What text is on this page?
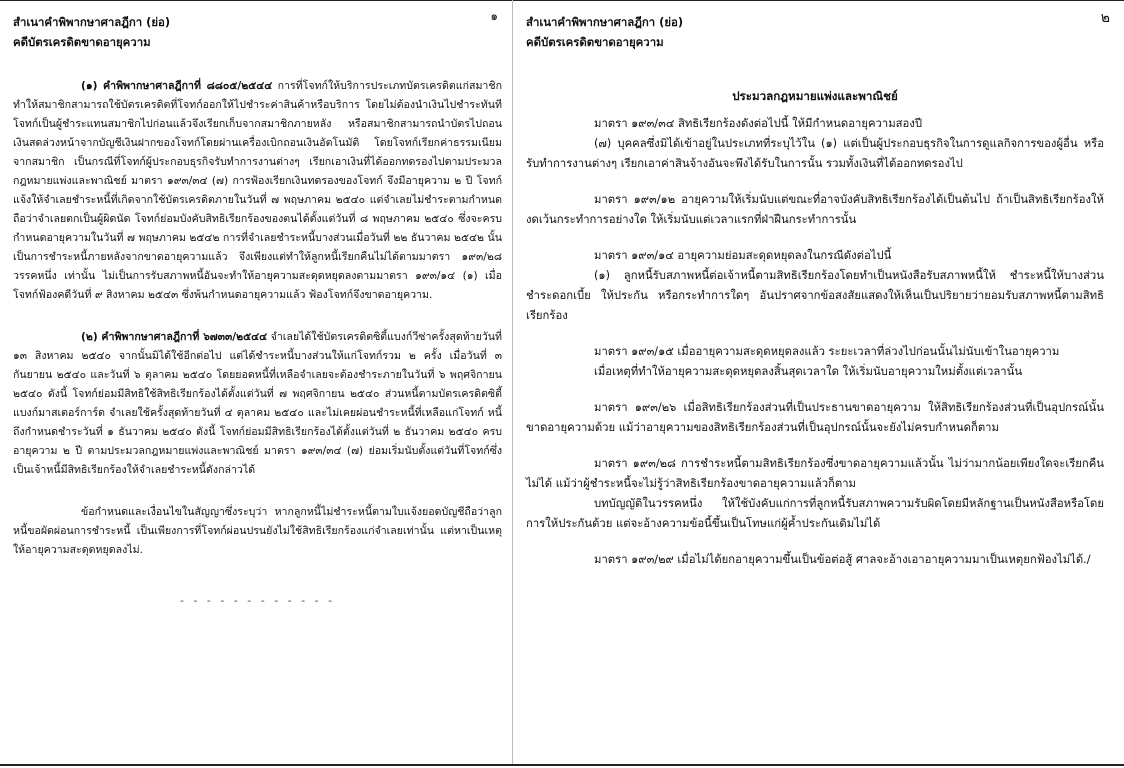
๑

สำเนาคำพิพากษาศาลฎีกา (ย่อ)

คดีบัตรเครดิตขาดอายุความ

(๑) คำพิพากษาศาลฎีกาที่ ๘๘๐๕/๒๕๔๔ การที่โจทก์ให้บริการประเภทบัตรเครดิตแก่สมาชิก ทำให้สมาชิกสามารถใช้บัตรเครดิตที่โจทก์ออกให้ไปชำระค่าสินค้าหรือบริการ โดยไม่ต้องนำเงินไปชำระทันที โจทก์เป็นผู้ชำระแทนสมาชิกไปก่อนแล้วจึงเรียกเก็บจากสมาชิกภายหลัง หรือสมาชิกสามารถนำบัตรไปถอนเงินสดล่วงหน้าจากบัญชีเงินฝากของโจทก์โดยผ่านเครื่องเบิกถอนเงินอัตโนมัติ โดยโจทก์เรียกค่าธรรมเนียมจากสมาชิก เป็นกรณีที่โจทก์ผู้ประกอบธุรกิจรับทำการงานต่างๆ เรียกเอาเงินที่ได้ออกทดรองไปตามประมวลกฎหมายแพ่งและพาณิชย์ มาตรา ๑๙๓/๓๔ (๗) การฟ้องเรียกเงินทดรองของโจทก์ จึงมีอายุความ ๒ ปี โจทก์แจ้งให้จำเลยชำระหนี้ที่เกิดจากใช้บัตรเครดิตภายในวันที่ ๗ พฤษภาคม ๒๕๔๐ แต่จำเลยไม่ชำระตามกำหนด ถือว่าจำเลยตกเป็นผู้ผิดนัด โจทก์ย่อมบังคับสิทธิเรียกร้องของตนได้ตั้งแต่วันที่ ๘ พฤษภาคม ๒๕๔๐ ซึ่งจะครบกำหนดอายุความในวันที่ ๗ พฤษภาคม ๒๕๔๒ การที่จำเลยชำระหนี้บางส่วนเมื่อวันที่ ๒๒ ธันวาคม ๒๕๔๒ นั้น เป็นการชำระหนี้ภายหลังจากขาดอายุความแล้ว จึงเพียงแต่ทำให้ลูกหนี้เรียกคืนไม่ได้ตามมาตรา ๑๙๓/๒๘ วรรคหนึ่ง เท่านั้น ไม่เป็นการรับสภาพหนี้อันจะทำให้อายุความสะดุดหยุดลงตามมาตรา ๑๙๓/๑๔ (๑) เมื่อโจทก์ฟ้องคดีวันที่ ๙ สิงหาคม ๒๕๔๓ ซึ่งพ้นกำหนดอายุความแล้ว ฟ้องโจทก์จึงขาดอายุความ.

(๒) คำพิพากษาศาลฎีกาที่ ๖๗๓๓/๒๕๔๔ จำเลยได้ใช้บัตรเครดิตซิตี้แบงก์วีซ่าครั้งสุดท้ายวันที่ ๑๓ สิงหาคม ๒๕๔๐ จากนั้นมิได้ใช้อีกต่อไป แต่ได้ชำระหนี้บางส่วนให้แก่โจทก์รวม ๒ ครั้ง เมื่อวันที่ ๓ กันยายน ๒๕๔๐ และวันที่ ๖ ตุลาคม ๒๕๔๐ โดยยอดหนี้ที่เหลือจำเลยจะต้องชำระภายในวันที่ ๖ พฤศจิกายน ๒๕๔๐ ดังนี้ โจทก์ย่อมมีสิทธิใช้สิทธิเรียกร้องได้ตั้งแต่วันที่ ๗ พฤศจิกายน ๒๕๔๐ ส่วนหนี้ตามบัตรเครดิตซิตี้แบงก์มาสเตอร์การ์ด จำเลยใช้ครั้งสุดท้ายวันที่ ๔ ตุลาคม ๒๕๔๐ และไม่เคยผ่อนชำระหนี้ที่เหลือแก่โจทก์ หนี้ถึงกำหนดชำระวันที่ ๑ ธันวาคม ๒๕๔๐ ดังนี้ โจทก์ย่อมมีสิทธิเรียกร้องได้ตั้งแต่วันที่ ๒ ธันวาคม ๒๕๔๐ ครบอายุความ ๒ ปี ตามประมวลกฎหมายแพ่งและพาณิชย์ มาตรา ๑๙๓/๓๔ (๗) ย่อมเริ่มนับตั้งแต่วันที่โจทก์ซึ่งเป็นเจ้าหนี้มีสิทธิเรียกร้องให้จำเลยชำระหนี้ดังกล่าวได้

ข้อกำหนดและเงื่อนไขในสัญญาซึ่งระบุว่า หากลูกหนี้ไม่ชำระหนี้ตามใบแจ้งยอดบัญชีถือว่าลูกหนี้ขอผัดผ่อนการชำระหนี้ เป็นเพียงการที่โจทก์ผ่อนปรนยังไม่ใช้สิทธิเรียกร้องแก่จำเลยเท่านั้น แต่หาเป็นเหตุให้อายุความสะดุดหยุดลงไม่.

- - - - - - - - - - - -

๒

สำเนาคำพิพากษาศาลฎีกา (ย่อ)

คดีบัตรเครดิตขาดอายุความ

ประมวลกฎหมายแพ่งและพาณิชย์

มาตรา ๑๙๓/๓๔ สิทธิเรียกร้องดังต่อไปนี้ ให้มีกำหนดอายุความสองปี

(๗) บุคคลซึ่งมิได้เข้าอยู่ในประเภทที่ระบุไว้ใน (๑) แต่เป็นผู้ประกอบธุรกิจในการดูแลกิจการของผู้อื่น หรือรับทำการงานต่างๆ เรียกเอาค่าสินจ้างอันจะพึงได้รับในการนั้น รวมทั้งเงินที่ได้ออกทดรองไป

มาตรา ๑๙๓/๑๒ อายุความให้เริ่มนับแต่ขณะที่อาจบังคับสิทธิเรียกร้องได้เป็นต้นไป ถ้าเป็นสิทธิเรียกร้องให้งดเว้นกระทำการอย่างใด ให้เริ่มนับแต่เวลาแรกที่ฝ่าฝืนกระทำการนั้น

มาตรา ๑๙๓/๑๔ อายุความย่อมสะดุดหยุดลงในกรณีดังต่อไปนี้

(๑) ลูกหนี้รับสภาพหนี้ต่อเจ้าหนี้ตามสิทธิเรียกร้องโดยทำเป็นหนังสือรับสภาพหนี้ให้ ชำระหนี้ให้บางส่วน ชำระดอกเบี้ย ให้ประกัน หรือกระทำการใดๆ อันปราศจากข้อสงสัยแสดงให้เห็นเป็นปริยายว่ายอมรับสภาพหนี้ตามสิทธิเรียกร้อง

มาตรา ๑๙๓/๑๕ เมื่ออายุความสะดุดหยุดลงแล้ว ระยะเวลาที่ล่วงไปก่อนนั้นไม่นับเข้าในอายุความ

เมื่อเหตุที่ทำให้อายุความสะดุดหยุดลงสิ้นสุดเวลาใด ให้เริ่มนับอายุความใหม่ตั้งแต่เวลานั้น

มาตรา ๑๙๓/๒๖ เมื่อสิทธิเรียกร้องส่วนที่เป็นประธานขาดอายุความ ให้สิทธิเรียกร้องส่วนที่เป็นอุปกรณ์นั้นขาดอายุความด้วย แม้ว่าอายุความของสิทธิเรียกร้องส่วนที่เป็นอุปกรณ์นั้นจะยังไม่ครบกำหนดก็ตาม

มาตรา ๑๙๓/๒๘ การชำระหนี้ตามสิทธิเรียกร้องซึ่งขาดอายุความแล้วนั้น ไม่ว่ามากน้อยเพียงใดจะเรียกคืนไม่ได้ แม้ว่าผู้ชำระหนี้จะไม่รู้ว่าสิทธิเรียกร้องขาดอายุความแล้วก็ตาม

บทบัญญัติในวรรคหนึ่ง ให้ใช้บังคับแก่การที่ลูกหนี้รับสภาพความรับผิดโดยมีหลักฐานเป็นหนังสือหรือโดยการให้ประกันด้วย แต่จะอ้างความข้อนี้ขึ้นเป็นโทษแก่ผู้ค้ำประกันเดิมไม่ได้

มาตรา ๑๙๓/๒๙ เมื่อไม่ได้ยกอายุความขึ้นเป็นข้อต่อสู้ ศาลจะอ้างเอาอายุความมาเป็นเหตุยกฟ้องไม่ได้./
